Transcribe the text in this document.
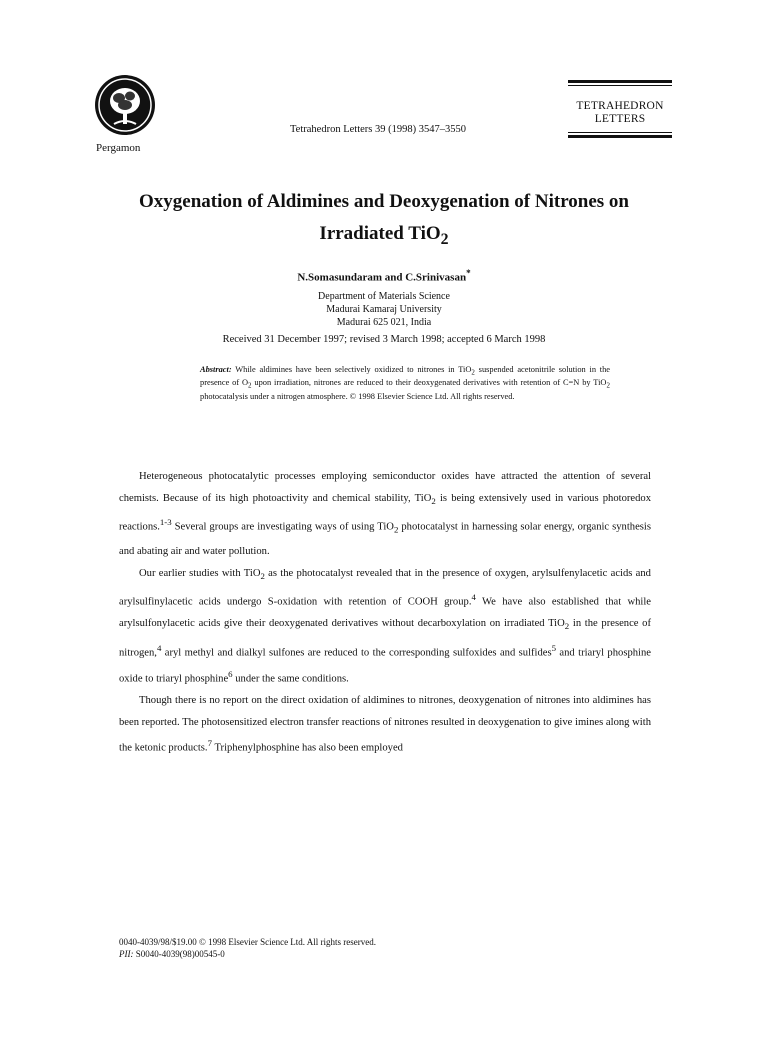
Pergamon
Tetrahedron Letters 39 (1998) 3547–3550
TETRAHEDRON
LETTERS
Oxygenation of Aldimines and Deoxygenation of Nitrones on
Irradiated TiO$_2$
N.Somasundaram and C.Srinivasan*
Department of Materials Science
Madurai Kamaraj University
Madurai 625 021, India
Received 31 December 1997; revised 3 March 1998; accepted 6 March 1998
Abstract: While aldimines have been selectively oxidized to nitrones in TiO$_2$ suspended acetonitrile solution in the presence of $O_2$ upon irradiation, nitrones are reduced to their deoxygenated derivatives with retention of C=N by TiO$_2$ photocatalysis under a nitrogen atmosphere. © 1998 Elsevier Science Ltd. All rights reserved.

Heterogeneous photocatalytic processes employing semiconductor oxides have attracted the attention of several chemists. Because of its high photoactivity and chemical stability, TiO$_2$ is being extensively used in various photoredox reactions.$^{1-3}$ Several groups are investigating ways of using TiO$_2$ photocatalyst in harnessing solar energy, organic synthesis and abating air and water pollution.

Our earlier studies with TiO$_2$ as the photocatalyst revealed that in the presence of oxygen, arylsulfenylacetic acids and arylsulfinylacetic acids undergo S-oxidation with retention of COOH group.$^4$ We have also established that while arylsulfonylacetic acids give their deoxygenated derivatives without decarboxylation on irradiated TiO$_2$ in the presence of nitrogen,$^4$ aryl methyl and dialkyl sulfones are reduced to the corresponding sulfoxides and sulfides$^5$ and triaryl phosphine oxide to triaryl phosphine$^6$ under the same conditions.

Though there is no report on the direct oxidation of aldimines to nitrones, deoxygenation of nitrones into aldimines has been reported. The photosensitized electron transfer reactions of nitrones resulted in deoxygenation to give imines along with the ketonic products.$^7$ Triphenylphosphine has also been employed

0040-4039/98/$19.00 © 1998 Elsevier Science Ltd. All rights reserved.
PII: S0040-4039(98)00545-0
